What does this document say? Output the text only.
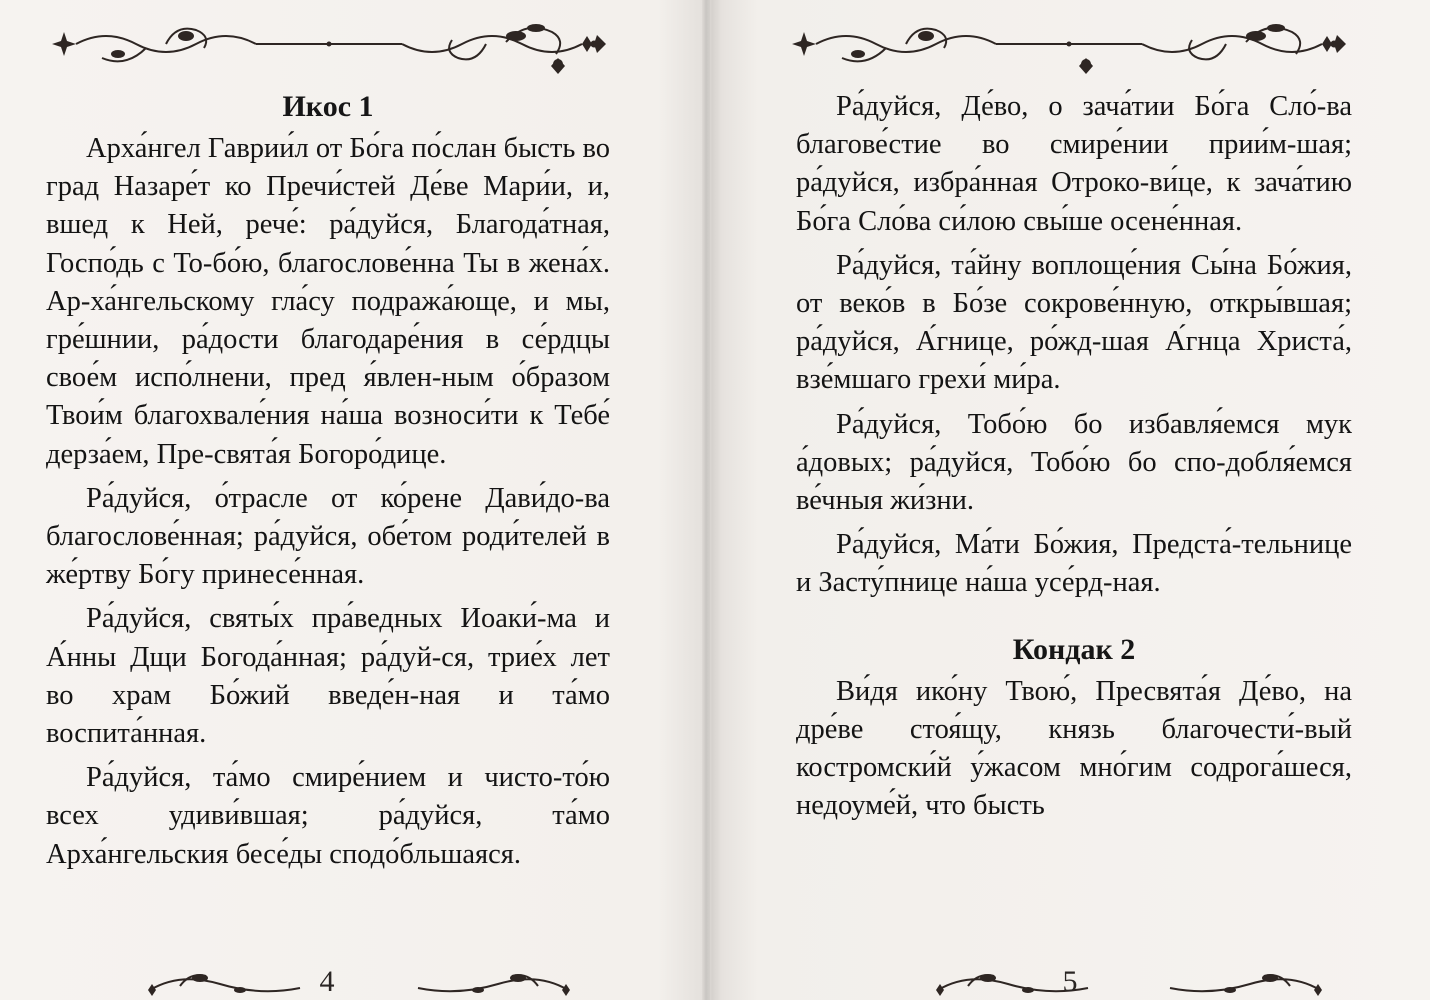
Икос 1

Арха́нгел Гаврии́л от Бо́га по́слан бысть во град Назаре́т ко Пречи́стей Де́ве Мари́и, и, вшед к Ней, рече́: ра́дуйся, Благода́тная, Госпо́дь с То-бо́ю, благослове́нна Ты в жена́х. Ар-ха́нгельскому гла́су подража́юще, и мы, гре́шнии, ра́дости благодаре́ния в се́рдцы свое́м испо́лнени, пред я́влен-ным о́бразом Твои́м благохвале́ния на́ша возноси́ти к Тебе́ дерза́ем, Пре-свята́я Богоро́дице.

Ра́дуйся, о́трасле от ко́рене Дави́до-ва благослове́нная; ра́дуйся, обе́том роди́телей в же́ртву Бо́гу принесе́нная.

Ра́дуйся, святы́х пра́ведных Иоаки́-ма и А́нны Дщи Богода́нная; ра́дуй-ся, трие́х лет во храм Бо́жий введе́н-ная и та́мо воспита́нная.

Ра́дуйся, та́мо смире́нием и чисто-то́ю всех удиви́вшая; ра́дуйся, та́мо Арха́нгельския бесе́ды сподо́бльшаяся.

4

Ра́дуйся, Де́во, о зача́тии Бо́га Сло́-ва благове́стие во смире́нии прии́м-шая; ра́дуйся, избра́нная Отроко-ви́це, к зача́тию Бо́га Сло́ва си́лою свы́ше осене́нная.

Ра́дуйся, та́йну воплоще́ния Сы́на Бо́жия, от веко́в в Бо́зе сокрове́нную, откры́вшая; ра́дуйся, А́гнице, ро́жд-шая А́гнца Христа́, взе́мшаго грехи́ ми́ра.

Ра́дуйся, Тобо́ю бо избавля́емся мук а́довых; ра́дуйся, Тобо́ю бо спо-добля́емся ве́чныя жи́зни.

Ра́дуйся, Ма́ти Бо́жия, Предста́-тельнице и Засту́пнице на́ша усе́рд-ная.

Кондак 2

Ви́дя ико́ну Твою́, Пресвята́я Де́во, на дре́ве стоя́щу, князь благочести́-вый костромски́й у́жасом мно́гим содрога́шеся, недоуме́й, что бысть

5
